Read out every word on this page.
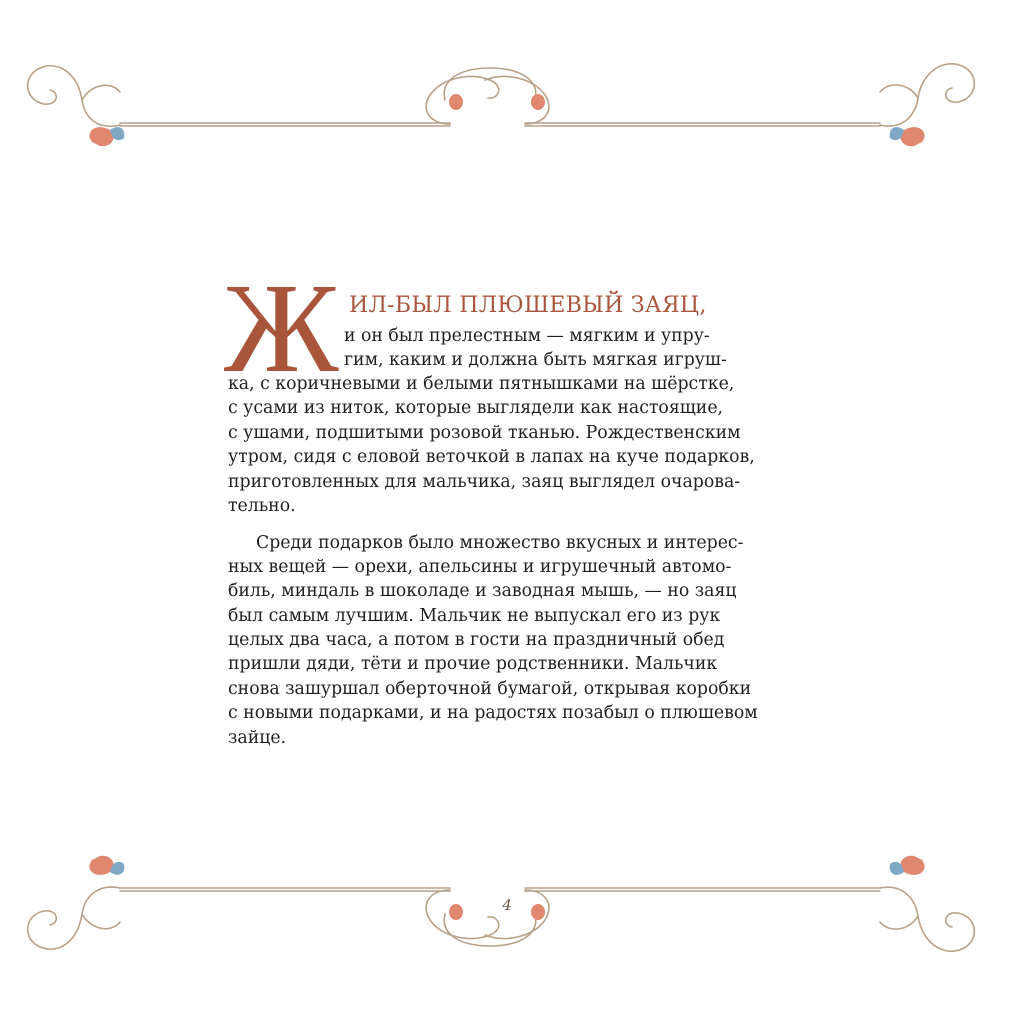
Ж ИЛ-БЫЛ ПЛЮШЕВЫЙ ЗАЯЦ,
и он был прелестным — мягким и упру-
гим, каким и должна быть мягкая игруш-
ка, с коричневыми и белыми пятнышками на шёрстке,
с усами из ниток, которые выглядели как настоящие,
с ушами, подшитыми розовой тканью. Рождественским
утром, сидя с еловой веточкой в лапах на куче подарков,
приготовленных для мальчика, заяц выглядел очарова-
тельно.
Среди подарков было множество вкусных и интерес-
ных вещей — орехи, апельсины и игрушечный автомо-
биль, миндаль в шоколаде и заводная мышь, — но заяц
был самым лучшим. Мальчик не выпускал его из рук
целых два часа, а потом в гости на праздничный обед
пришли дяди, тёти и прочие родственники. Мальчик
снова зашуршал оберточной бумагой, открывая коробки
с новыми подарками, и на радостях позабыл о плюшевом
зайце.
4
